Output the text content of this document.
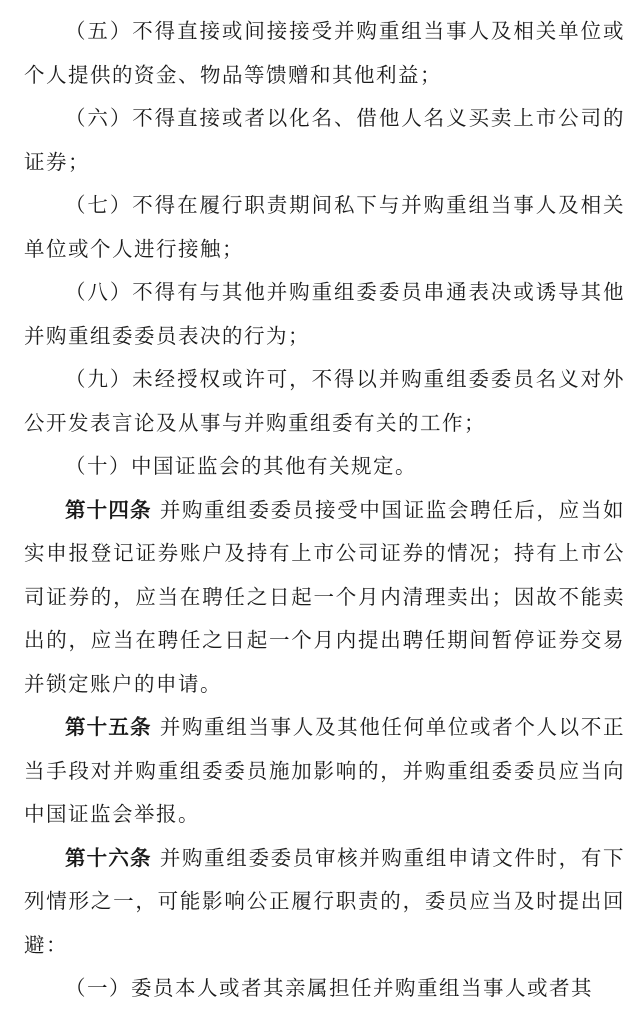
（五）不得直接或间接接受并购重组当事人及相关单位或个人提供的资金、物品等馈赠和其他利益；

（六）不得直接或者以化名、借他人名义买卖上市公司的证券；

（七）不得在履行职责期间私下与并购重组当事人及相关单位或个人进行接触；

（八）不得有与其他并购重组委委员串通表决或诱导其他并购重组委委员表决的行为；

（九）未经授权或许可，不得以并购重组委委员名义对外公开发表言论及从事与并购重组委有关的工作；

（十）中国证监会的其他有关规定。

第十四条 并购重组委委员接受中国证监会聘任后，应当如实申报登记证券账户及持有上市公司证券的情况；持有上市公司证券的，应当在聘任之日起一个月内清理卖出；因故不能卖出的，应当在聘任之日起一个月内提出聘任期间暂停证券交易并锁定账户的申请。

第十五条 并购重组当事人及其他任何单位或者个人以不正当手段对并购重组委委员施加影响的，并购重组委委员应当向中国证监会举报。

第十六条 并购重组委委员审核并购重组申请文件时，有下列情形之一，可能影响公正履行职责的，委员应当及时提出回避：

（一）委员本人或者其亲属担任并购重组当事人或者其
